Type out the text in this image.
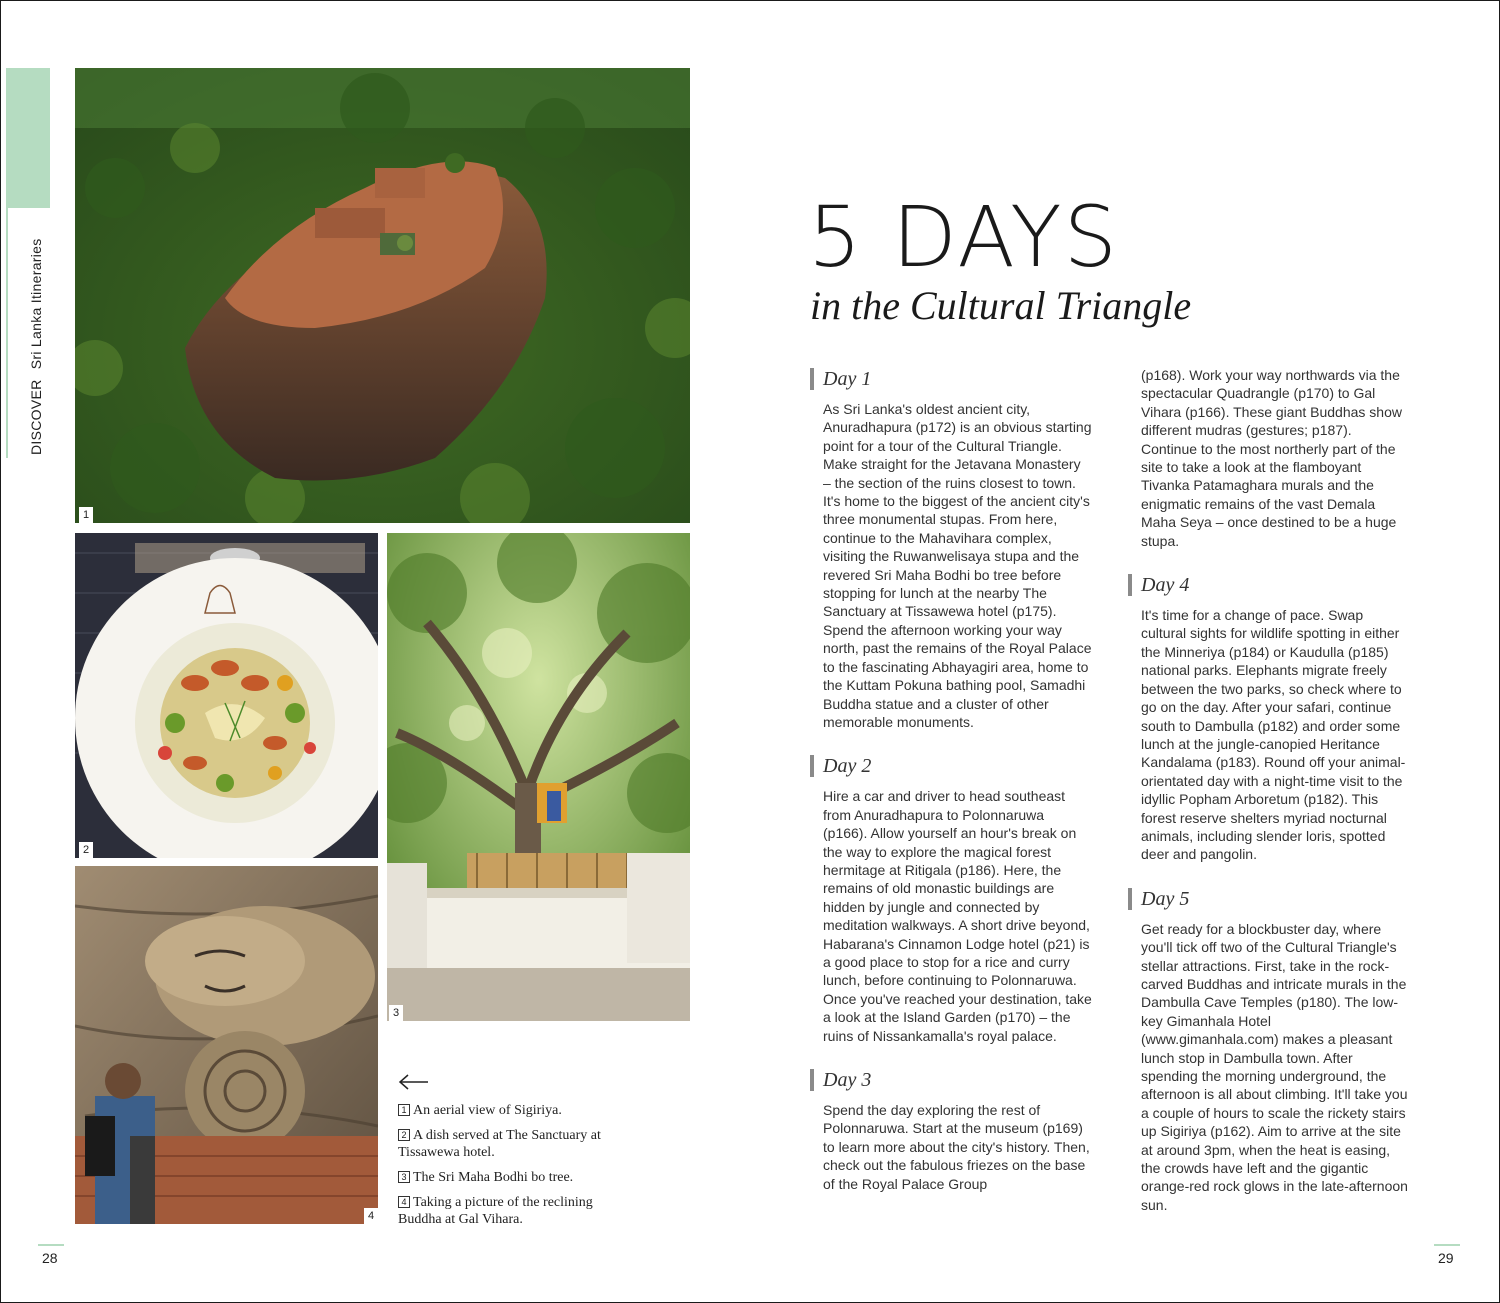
DISCOVER Sri Lanka Itineraries
1
2
3
4
1 An aerial view of Sigiriya.
2 A dish served at The Sanctuary at Tissawewa hotel.
3 The Sri Maha Bodhi bo tree.
4 Taking a picture of the reclining Buddha at Gal Vihara.
5 DAYS
in the Cultural Triangle
Day 1
As Sri Lanka's oldest ancient city, Anuradhapura (p172) is an obvious starting point for a tour of the Cultural Triangle. Make straight for the Jetavana Monastery – the section of the ruins closest to town. It's home to the biggest of the ancient city's three monumental stupas. From here, continue to the Mahavihara complex, visiting the Ruwanwelisaya stupa and the revered Sri Maha Bodhi bo tree before stopping for lunch at the nearby The Sanctuary at Tissawewa hotel (p175). Spend the afternoon working your way north, past the remains of the Royal Palace to the fascinating Abhayagiri area, home to the Kuttam Pokuna bathing pool, Samadhi Buddha statue and a cluster of other memorable monuments.
Day 2
Hire a car and driver to head southeast from Anuradhapura to Polonnaruwa (p166). Allow yourself an hour's break on the way to explore the magical forest hermitage at Ritigala (p186). Here, the remains of old monastic buildings are hidden by jungle and connected by meditation walkways. A short drive beyond, Habarana's Cinnamon Lodge hotel (p21) is a good place to stop for a rice and curry lunch, before continuing to Polonnaruwa. Once you've reached your destination, take a look at the Island Garden (p170) – the ruins of Nissankamalla's royal palace.
Day 3
Spend the day exploring the rest of Polonnaruwa. Start at the museum (p169) to learn more about the city's history. Then, check out the fabulous friezes on the base of the Royal Palace Group
(p168). Work your way northwards via the spectacular Quadrangle (p170) to Gal Vihara (p166). These giant Buddhas show different mudras (gestures; p187). Continue to the most northerly part of the site to take a look at the flamboyant Tivanka Patamaghara murals and the enigmatic remains of the vast Demala Maha Seya – once destined to be a huge stupa.
Day 4
It's time for a change of pace. Swap cultural sights for wildlife spotting in either the Minneriya (p184) or Kaudulla (p185) national parks. Elephants migrate freely between the two parks, so check where to go on the day. After your safari, continue south to Dambulla (p182) and order some lunch at the jungle-canopied Heritance Kandalama (p183). Round off your animal-orientated day with a night-time visit to the idyllic Popham Arboretum (p182). This forest reserve shelters myriad nocturnal animals, including slender loris, spotted deer and pangolin.
Day 5
Get ready for a blockbuster day, where you'll tick off two of the Cultural Triangle's stellar attractions. First, take in the rock-carved Buddhas and intricate murals in the Dambulla Cave Temples (p180). The low-key Gimanhala Hotel (www.gimanhala.com) makes a pleasant lunch stop in Dambulla town. After spending the morning underground, the afternoon is all about climbing. It'll take you a couple of hours to scale the rickety stairs up Sigiriya (p162). Aim to arrive at the site at around 3pm, when the heat is easing, the crowds have left and the gigantic orange-red rock glows in the late-afternoon sun.
28	29
